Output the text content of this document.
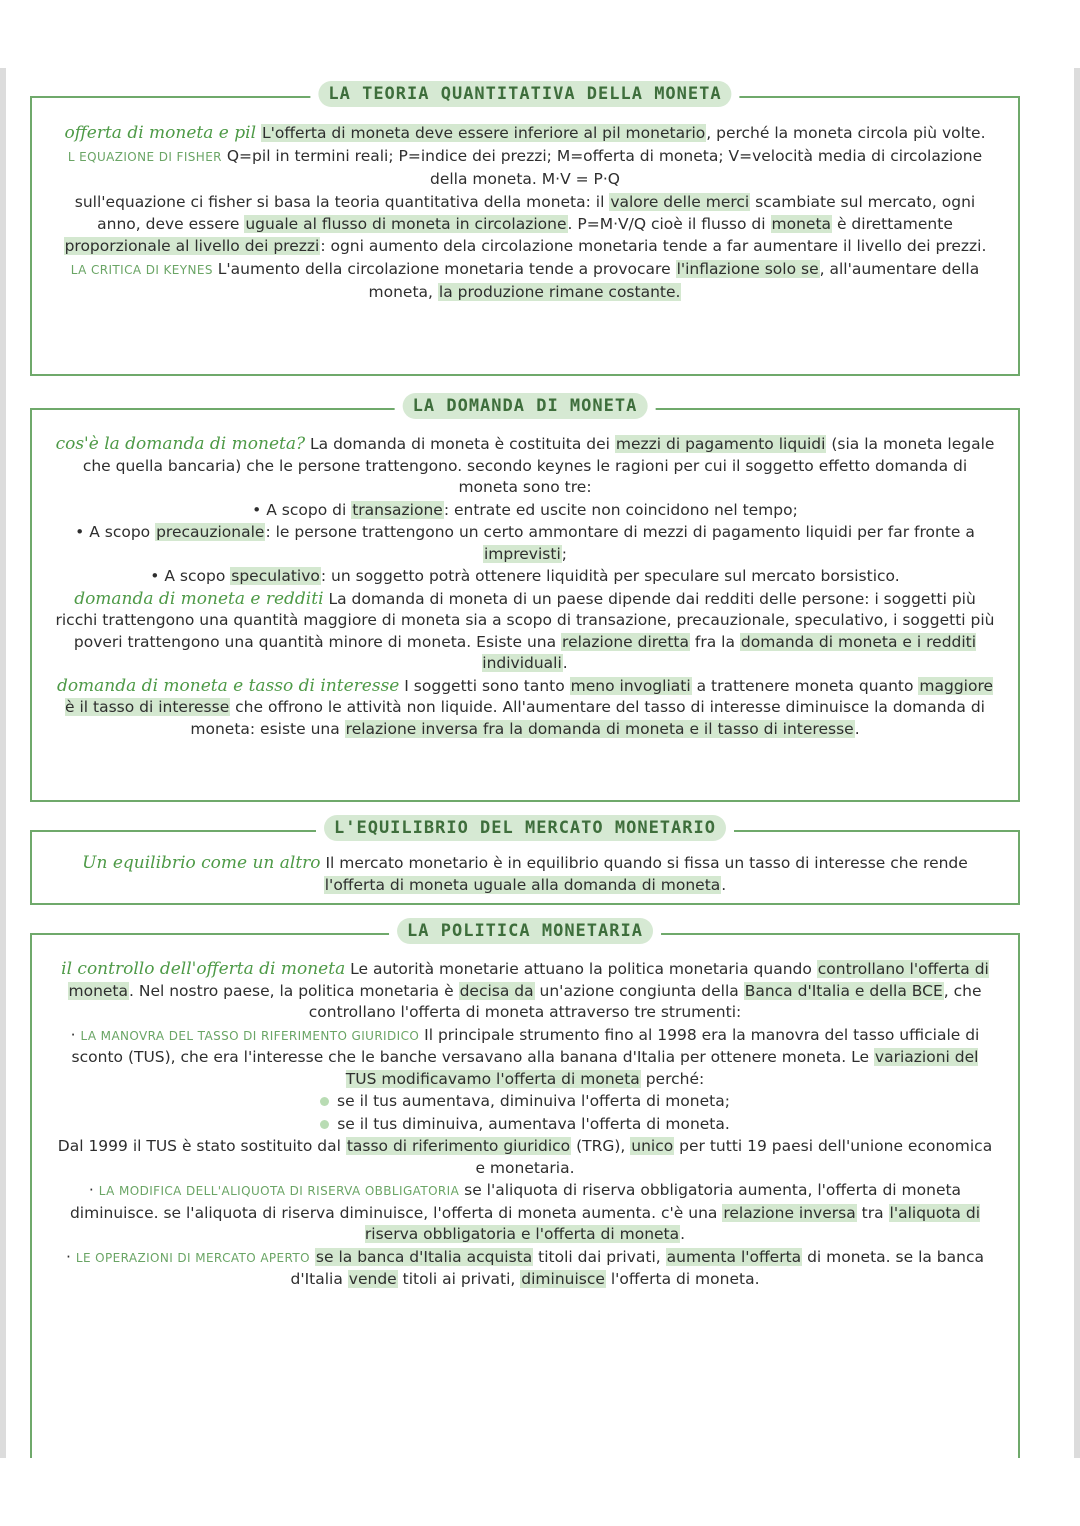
LA TEORIA QUANTITATIVA DELLA MONETA

offerta di moneta e pil L'offerta di moneta deve essere inferiore al pil monetario, perché la moneta circola più volte.

L EQUAZIONE DI FISHER Q=pil in termini reali; P=indice dei prezzi; M=offerta di moneta; V=velocità media di circolazione della moneta. M·V = P·Q

sull'equazione ci fisher si basa la teoria quantitativa della moneta: il valore delle merci scambiate sul mercato, ogni anno, deve essere uguale al flusso di moneta in circolazione. P=M·V/Q cioè il flusso di moneta è direttamente proporzionale al livello dei prezzi: ogni aumento dela circolazione monetaria tende a far aumentare il livello dei prezzi.

LA CRITICA DI KEYNES L'aumento della circolazione monetaria tende a provocare l'inflazione solo se, all'aumentare della moneta, la produzione rimane costante.

LA DOMANDA DI MONETA

cos'è la domanda di moneta? La domanda di moneta è costituita dei mezzi di pagamento liquidi (sia la moneta legale che quella bancaria) che le persone trattengono. secondo keynes le ragioni per cui il soggetto effetto domanda di moneta sono tre:

• A scopo di transazione: entrate ed uscite non coincidono nel tempo;

• A scopo precauzionale: le persone trattengono un certo ammontare di mezzi di pagamento liquidi per far fronte a imprevisti;

• A scopo speculativo: un soggetto potrà ottenere liquidità per speculare sul mercato borsistico.

domanda di moneta e redditi La domanda di moneta di un paese dipende dai redditi delle persone: i soggetti più ricchi trattengono una quantità maggiore di moneta sia a scopo di transazione, precauzionale, speculativo, i soggetti più poveri trattengono una quantità minore di moneta. Esiste una relazione diretta fra la domanda di moneta e i redditi individuali.

domanda di moneta e tasso di interesse I soggetti sono tanto meno invogliati a trattenere moneta quanto maggiore è il tasso di interesse che offrono le attività non liquide. All'aumentare del tasso di interesse diminuisce la domanda di moneta: esiste una relazione inversa fra la domanda di moneta e il tasso di interesse.

L'EQUILIBRIO DEL MERCATO MONETARIO

Un equilibrio come un altro Il mercato monetario è in equilibrio quando si fissa un tasso di interesse che rende l'offerta di moneta uguale alla domanda di moneta.

LA POLITICA MONETARIA

il controllo dell'offerta di moneta Le autorità monetarie attuano la politica monetaria quando controllano l'offerta di moneta. Nel nostro paese, la politica monetaria è decisa da un'azione congiunta della Banca d'Italia e della BCE, che controllano l'offerta di moneta attraverso tre strumenti:

· LA MANOVRA DEL TASSO DI RIFERIMENTO GIURIDICO Il principale strumento fino al 1998 era la manovra del tasso ufficiale di sconto (TUS), che era l'interesse che le banche versavano alla banana d'Italia per ottenere moneta. Le variazioni del TUS modificavamo l'offerta di moneta perché:

se il tus aumentava, diminuiva l'offerta di moneta;

se il tus diminuiva, aumentava l'offerta di moneta.

Dal 1999 il TUS è stato sostituito dal tasso di riferimento giuridico (TRG), unico per tutti 19 paesi dell'unione economica e monetaria.

· LA MODIFICA DELL'ALIQUOTA DI RISERVA OBBLIGATORIA se l'aliquota di riserva obbligatoria aumenta, l'offerta di moneta diminuisce. se l'aliquota di riserva diminuisce, l'offerta di moneta aumenta. c'è una relazione inversa tra l'aliquota di riserva obbligatoria e l'offerta di moneta.

· LE OPERAZIONI DI MERCATO APERTO se la banca d'Italia acquista titoli dai privati, aumenta l'offerta di moneta. se la banca d'Italia vende titoli ai privati, diminuisce l'offerta di moneta.
